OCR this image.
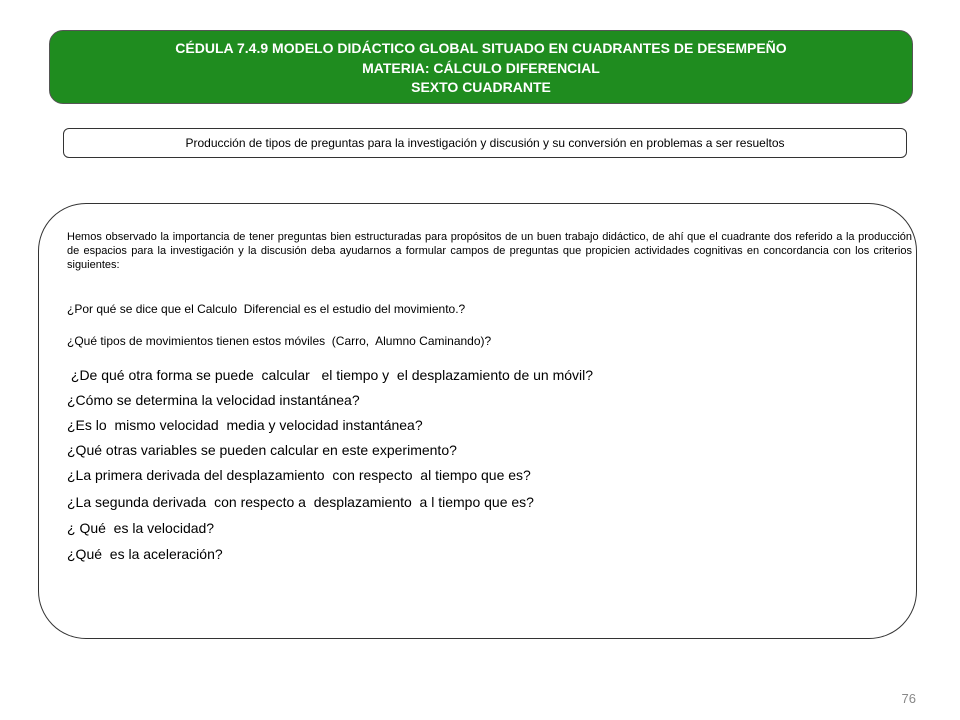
CÉDULA 7.4.9 MODELO DIDÁCTICO GLOBAL SITUADO EN CUADRANTES DE DESEMPEÑO
MATERIA: CÁLCULO DIFERENCIAL
SEXTO CUADRANTE
Producción de tipos de preguntas para la investigación y discusión y su conversión en problemas a ser resueltos

Hemos observado la importancia de tener preguntas bien estructuradas para propósitos de un buen trabajo didáctico, de ahí que el cuadrante dos referido a la producción de espacios para la investigación y la discusión deba ayudarnos a formular campos de preguntas que propicien actividades cognitivas en concordancia con los criterios siguientes:

¿Por qué se dice que el Calculo  Diferencial es el estudio del movimiento.?
¿Qué tipos de movimientos tienen estos móviles  (Carro,  Alumno Caminando)?
¿De qué otra forma se puede  calcular   el tiempo y  el desplazamiento de un móvil?
¿Cómo se determina la velocidad instantánea?
¿Es lo  mismo velocidad  media y velocidad instantánea?
¿Qué otras variables se pueden calcular en este experimento?
¿La primera derivada del desplazamiento  con respecto  al tiempo que es?
¿La segunda derivada  con respecto a  desplazamiento  a l tiempo que es?
¿ Qué  es la velocidad?
¿Qué  es la aceleración?
76
